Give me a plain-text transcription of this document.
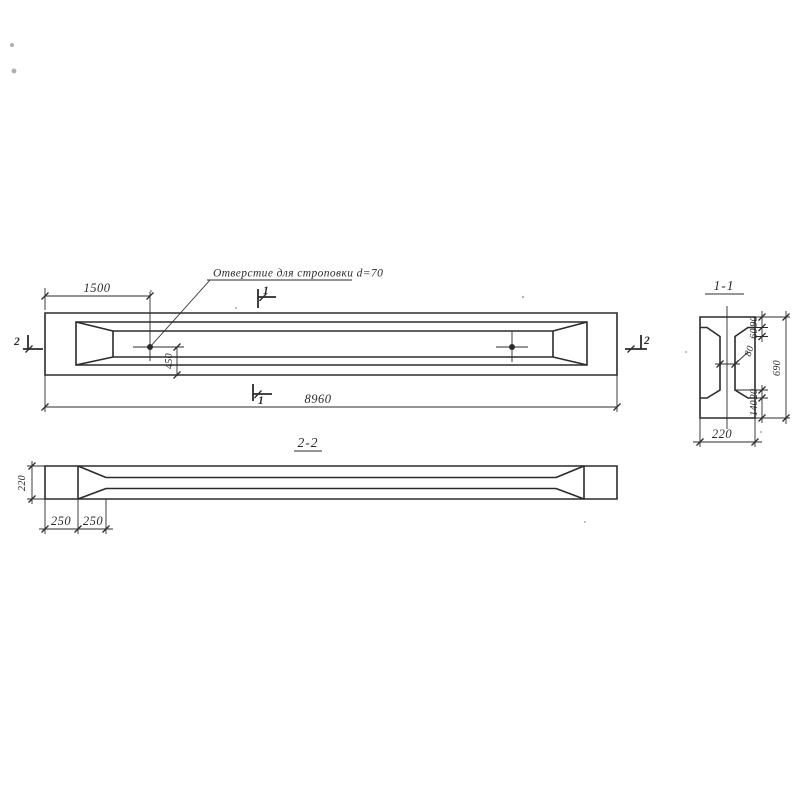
1500
Отверстие для строповки d=70
450
8960
1
1
2	2
1-1
80
90
60
20
140
690
220
2-2
220
250 250
